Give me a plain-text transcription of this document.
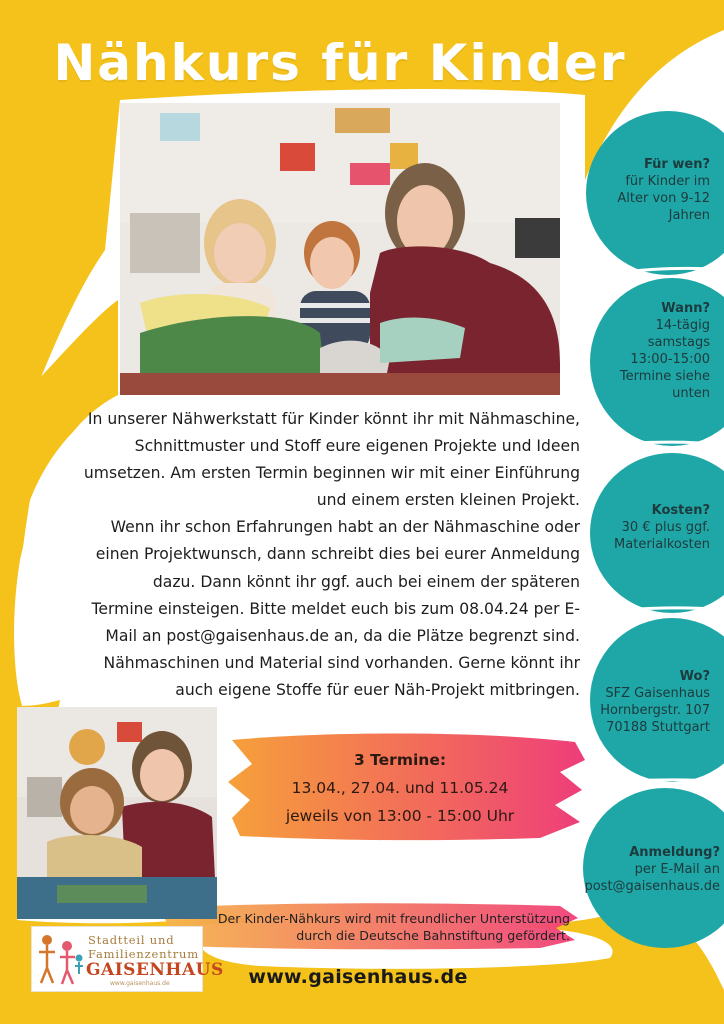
Nähkurs für Kinder

In unserer Nähwerkstatt für Kinder könnt ihr mit Nähmaschine,

Schnittmuster und Stoff eure eigenen Projekte und Ideen

umsetzen. Am ersten Termin beginnen wir mit einer Einführung

und einem ersten kleinen Projekt.

Wenn ihr schon Erfahrungen habt an der Nähmaschine oder

einen Projektwunsch, dann schreibt dies bei eurer Anmeldung

dazu. Dann könnt ihr ggf. auch bei einem der späteren

Termine einsteigen. Bitte meldet euch bis zum 08.04.24 per E-

Mail an post@gaisenhaus.de an, da die Plätze begrenzt sind.

Nähmaschinen und Material sind vorhanden. Gerne könnt ihr

auch eigene Stoffe für euer Näh-Projekt mitbringen.

Für wen?
für Kinder im
Alter von 9-12
Jahren
Wann?
14-tägig
samstags
13:00-15:00
Termine siehe
unten
Kosten?
30 € plus ggf.
Materialkosten
Wo?
SFZ Gaisenhaus
Hornbergstr. 107
70188 Stuttgart
Anmeldung?
per E-Mail an
post@gaisenhaus.de
3 Termine:
13.04., 27.04. und 11.05.24
jeweils von 13:00 - 15:00 Uhr
Der Kinder-Nähkurs wird mit freundlicher Unterstützung
durch die Deutsche Bahnstiftung gefördert.
Stadtteil und
Familienzentrum
GAISENHAUS
www.gaisenhaus.de	www.gaisenhaus.de
